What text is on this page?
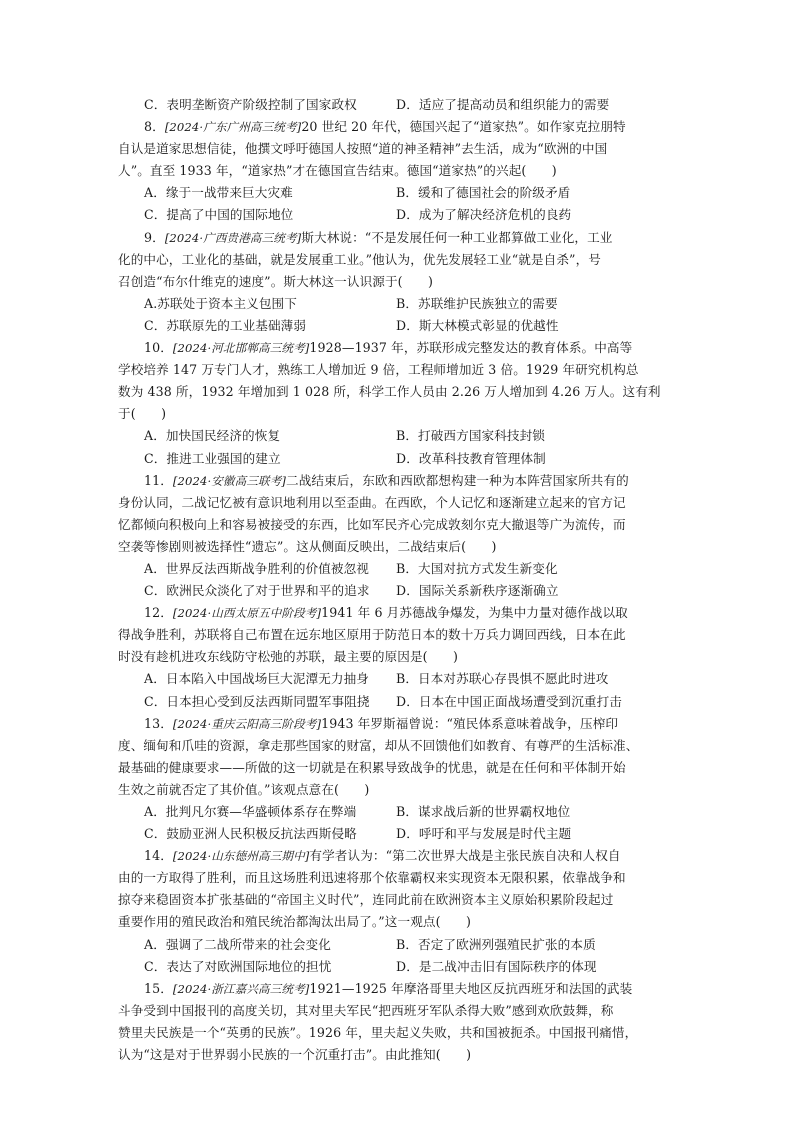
C．表明垄断资产阶级控制了国家政权	D．适应了提高动员和组织能力的需要
8．[2024·广东广州高三统考]20 世纪 20 年代，德国兴起了“道家热”。如作家克拉朋特
自认是道家思想信徒，他撰文呼吁德国人按照“道的神圣精神”去生活，成为“欧洲的中国
人”。直至 1933 年，“道家热”才在德国宣告结束。德国“道家热”的兴起(　　)
A．缘于一战带来巨大灾难	B．缓和了德国社会的阶级矛盾
C．提高了中国的国际地位	D．成为了解决经济危机的良药
9．[2024·广西贵港高三统考]斯大林说：“不是发展任何一种工业都算做工业化，工业
化的中心，工业化的基础，就是发展重工业。”他认为，优先发展轻工业“就是自杀”，号
召创造“布尔什维克的速度”。斯大林这一认识源于(　　)
A.苏联处于资本主义包围下	B．苏联维护民族独立的需要
C．苏联原先的工业基础薄弱	D．斯大林模式彰显的优越性
10．[2024·河北邯郸高三统考]1928—1937 年，苏联形成完整发达的教育体系。中高等
学校培养 147 万专门人才，熟练工人增加近 9 倍，工程师增加近 3 倍。1929 年研究机构总
数为 438 所，1932 年增加到 1 028 所，科学工作人员由 2.26 万人增加到 4.26 万人。这有利
于(　　)
A．加快国民经济的恢复	B．打破西方国家科技封锁
C．推进工业强国的建立	D．改革科技教育管理体制
11．[2024·安徽高三联考]二战结束后，东欧和西欧都想构建一种为本阵营国家所共有的
身份认同，二战记忆被有意识地利用以至歪曲。在西欧，个人记忆和逐渐建立起来的官方记
忆都倾向积极向上和容易被接受的东西，比如军民齐心完成敦刻尔克大撤退等广为流传，而
空袭等惨剧则被选择性“遗忘”。这从侧面反映出，二战结束后(　　)
A．世界反法西斯战争胜利的价值被忽视	B．大国对抗方式发生新变化
C．欧洲民众淡化了对于世界和平的追求	D．国际关系新秩序逐渐确立
12．[2024·山西太原五中阶段考]1941 年 6 月苏德战争爆发，为集中力量对德作战以取
得战争胜利，苏联将自己布置在远东地区原用于防范日本的数十万兵力调回西线，日本在此
时没有趁机进攻东线防守松弛的苏联，最主要的原因是(　　)
A．日本陷入中国战场巨大泥潭无力抽身	B．日本对苏联心存畏惧不愿此时进攻
C．日本担心受到反法西斯同盟军事阻挠	D．日本在中国正面战场遭受到沉重打击
13．[2024·重庆云阳高三阶段考]1943 年罗斯福曾说：“殖民体系意味着战争，压榨印
度、缅甸和爪哇的资源，拿走那些国家的财富，却从不回馈他们如教育、有尊严的生活标准、
最基础的健康要求——所做的这一切就是在积累导致战争的忧患，就是在任何和平体制开始
生效之前就否定了其价值。”该观点意在(　　)
A．批判凡尔赛—华盛顿体系存在弊端	B．谋求战后新的世界霸权地位
C．鼓励亚洲人民积极反抗法西斯侵略	D．呼吁和平与发展是时代主题
14．[2024·山东德州高三期中]有学者认为：“第二次世界大战是主张民族自决和人权自
由的一方取得了胜利，而且这场胜利迅速将那个依靠霸权来实现资本无限积累，依靠战争和
掠夺来稳固资本扩张基础的“帝国主义时代”，连同此前在欧洲资本主义原始积累阶段起过
重要作用的殖民政治和殖民统治都淘汰出局了。”这一观点(　　)
A．强调了二战所带来的社会变化	B．否定了欧洲列强殖民扩张的本质
C．表达了对欧洲国际地位的担忧	D．是二战冲击旧有国际秩序的体现
15．[2024·浙江嘉兴高三统考]1921—1925 年摩洛哥里夫地区反抗西班牙和法国的武装
斗争受到中国报刊的高度关切，其对里夫军民“把西班牙军队杀得大败”感到欢欣鼓舞，称
赞里夫民族是一个“英勇的民族”。1926 年，里夫起义失败，共和国被扼杀。中国报刊痛惜，
认为“这是对于世界弱小民族的一个沉重打击”。由此推知(　　)
